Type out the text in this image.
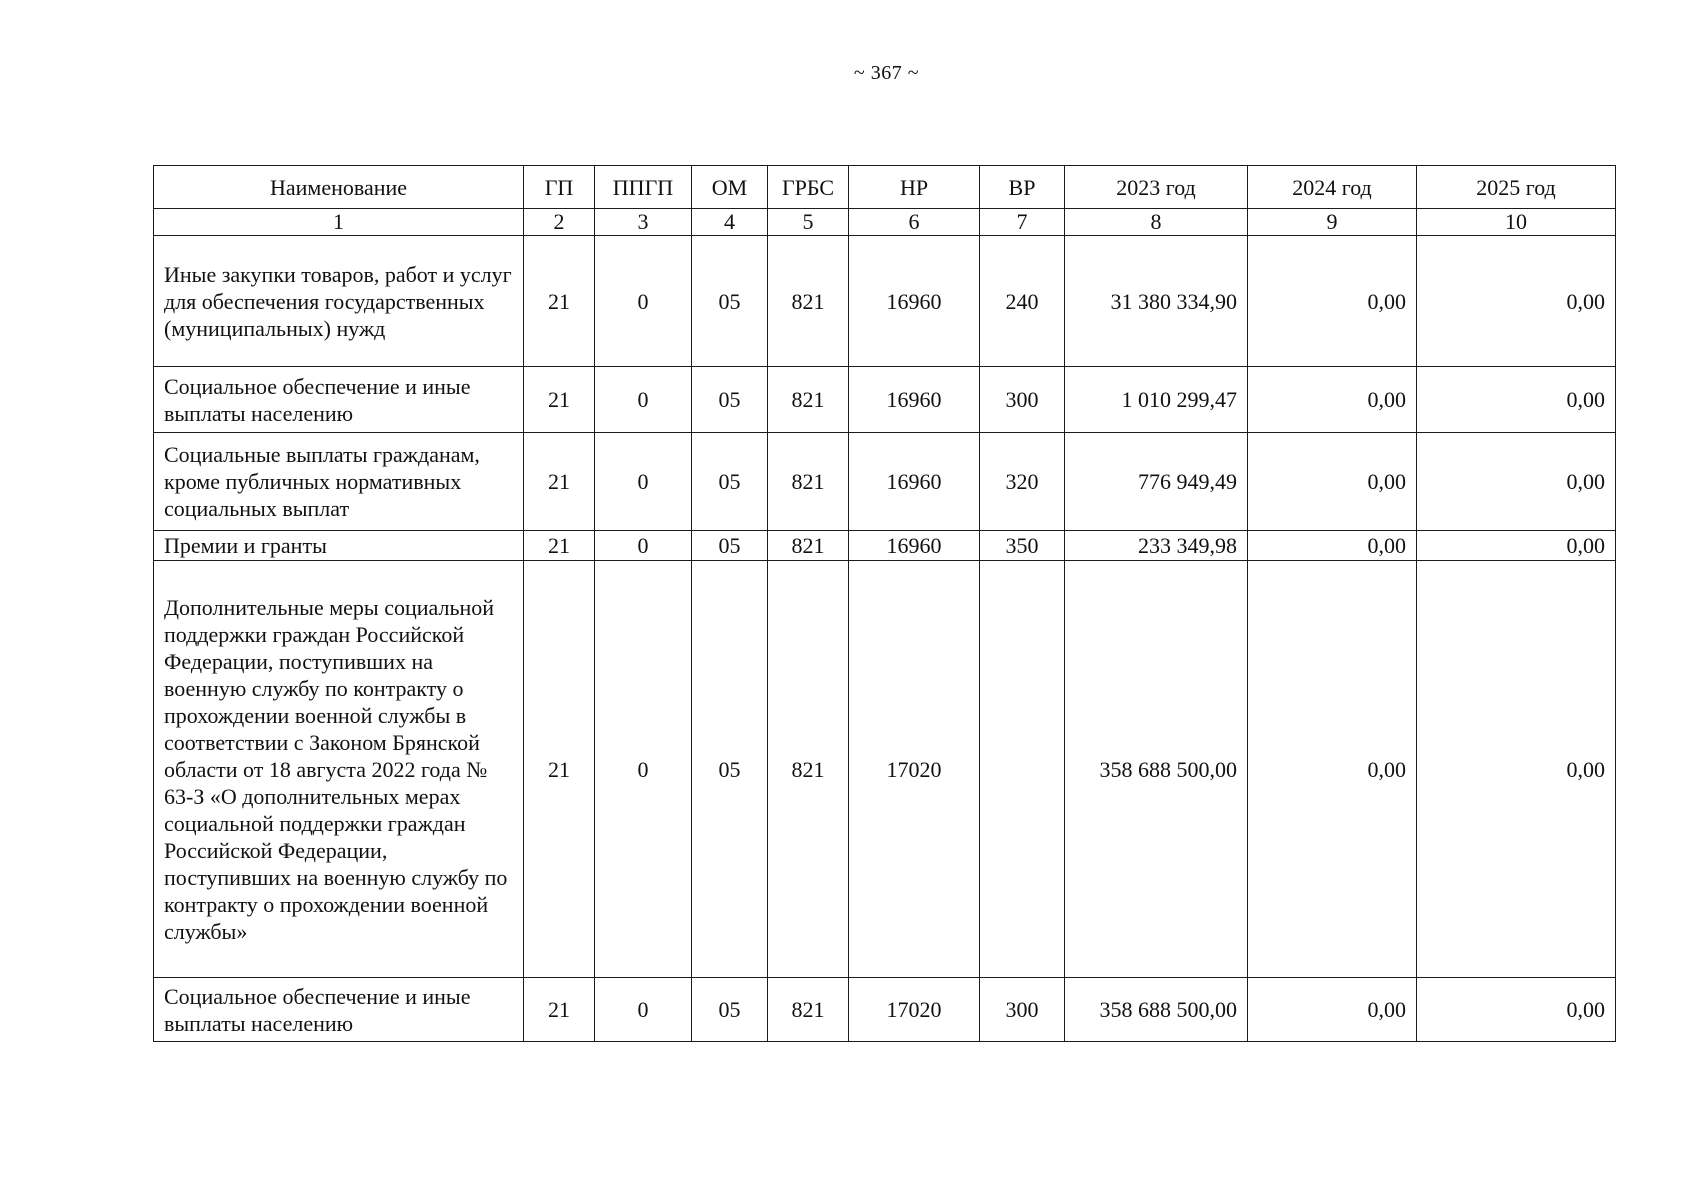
~ 367 ~
Наименование	ГП	ППГП	ОМ	ГРБС	НР	ВР	2023 год	2024 год	2025 год
1	2	3	4	5	6	7	8	9	10
Иные закупки товаров, работ и услуг для обеспечения государственных (муниципальных) нужд	21	0	05	821	16960	240	31 380 334,90	0,00	0,00
Социальное обеспечение и иные выплаты населению	21	0	05	821	16960	300	1 010 299,47	0,00	0,00
Социальные выплаты гражданам, кроме публичных нормативных социальных выплат	21	0	05	821	16960	320	776 949,49	0,00	0,00
Премии и гранты	21	0	05	821	16960	350	233 349,98	0,00	0,00
Дополнительные меры социальной поддержки граждан Российской Федерации, поступивших на военную службу по контракту о прохождении военной службы в соответствии с Законом Брянской области от 18 августа 2022 года № 63-З «О дополнительных мерах социальной поддержки граждан Российской Федерации, поступивших на военную службу по контракту о прохождении военной службы»	21	0	05	821	17020		358 688 500,00	0,00	0,00
Социальное обеспечение и иные выплаты населению	21	0	05	821	17020	300	358 688 500,00	0,00	0,00
